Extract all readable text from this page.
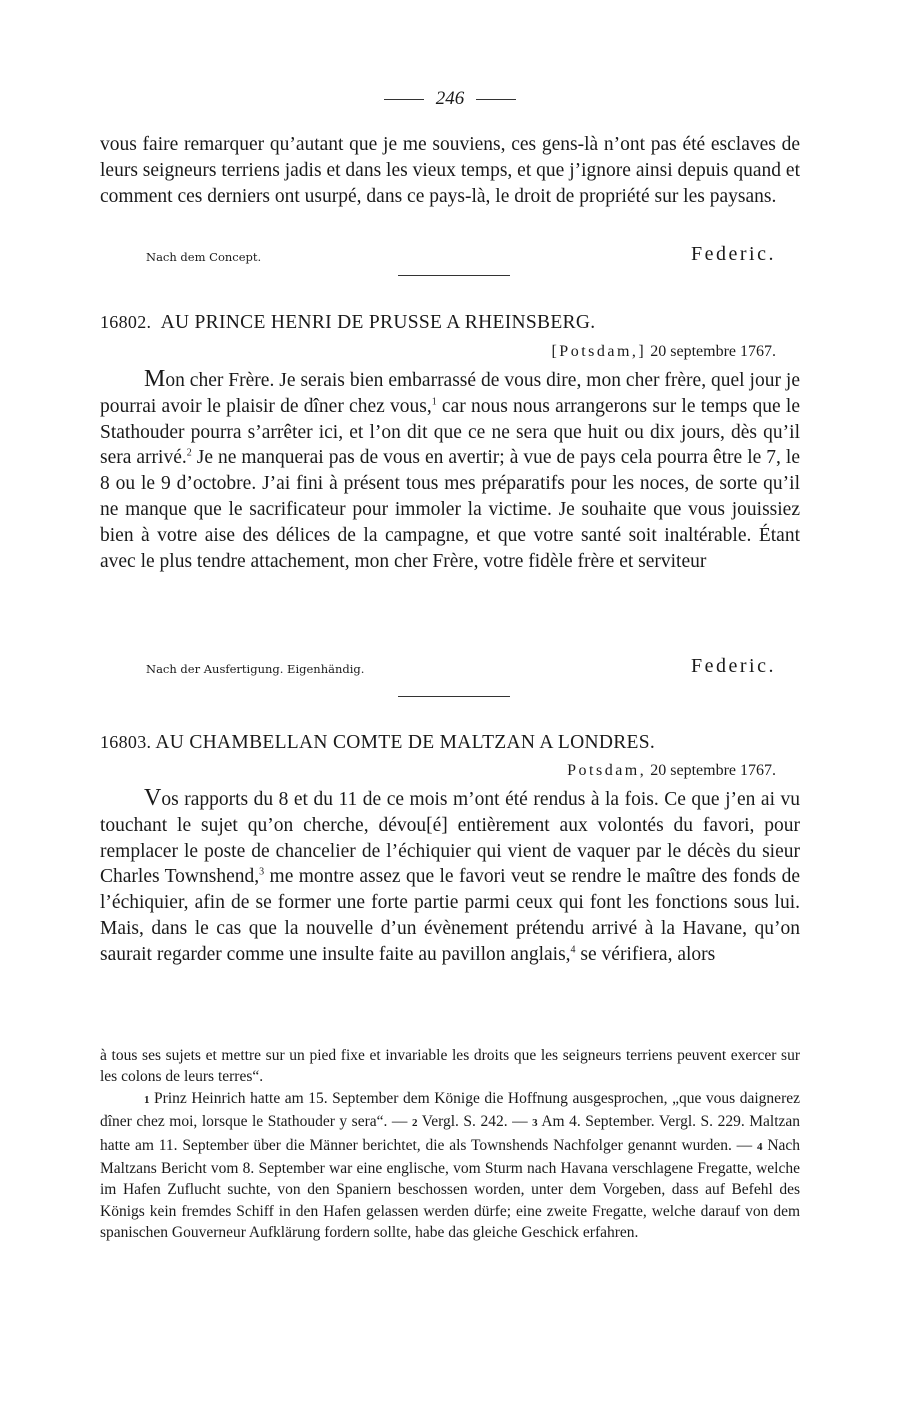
246

vous faire remarquer qu’autant que je me souviens, ces gens-là n’ont pas été esclaves de leurs seigneurs terriens jadis et dans les vieux temps, et que j’ignore ainsi depuis quand et comment ces derniers ont usurpé, dans ce pays-là, le droit de propriété sur les paysans.

Nach dem Concept.	Federic.
16802. AU PRINCE HENRI DE PRUSSE A RHEINSBERG.
[Potsdam,] 20 septembre 1767.

Mon cher Frère. Je serais bien embarrassé de vous dire, mon cher frère, quel jour je pourrai avoir le plaisir de dîner chez vous,$^1$ car nous nous arrangerons sur le temps que le Stathouder pourra s’arrêter ici, et l’on dit que ce ne sera que huit ou dix jours, dès qu’il sera arrivé.$^2$ Je ne manquerai pas de vous en avertir; à vue de pays cela pourra être le 7, le 8 ou le 9 d’octobre. J’ai fini à présent tous mes préparatifs pour les noces, de sorte qu’il ne manque que le sacrificateur pour immoler la victime. Je souhaite que vous jouissiez bien à votre aise des délices de la campagne, et que votre santé soit inaltérable. Étant avec le plus tendre attachement, mon cher Frère, votre fidèle frère et serviteur

Nach der Ausfertigung. Eigenhändig.	Federic.
16803. AU CHAMBELLAN COMTE DE MALTZAN A LONDRES.
Potsdam, 20 septembre 1767.

Vos rapports du 8 et du 11 de ce mois m’ont été rendus à la fois. Ce que j’en ai vu touchant le sujet qu’on cherche, dévou[é] entièrement aux volontés du favori, pour remplacer le poste de chancelier de l’échiquier qui vient de vaquer par le décès du sieur Charles Townshend,$^3$ me montre assez que le favori veut se rendre le maître des fonds de l’échiquier, afin de se former une forte partie parmi ceux qui font les fonctions sous lui. Mais, dans le cas que la nouvelle d’un évènement prétendu arrivé à la Havane, qu’on saurait regarder comme une insulte faite au pavillon anglais,$^4$ se vérifiera, alors

à tous ses sujets et mettre sur un pied fixe et invariable les droits que les seigneurs terriens peuvent exercer sur les colons de leurs terres“.

1 Prinz Heinrich hatte am 15. September dem Könige die Hoffnung ausgesprochen, „que vous daignerez dîner chez moi, lorsque le Stathouder y sera“. — 2 Vergl. S. 242. — 3 Am 4. September. Vergl. S. 229. Maltzan hatte am 11. September über die Männer berichtet, die als Townshends Nachfolger genannt wurden. — 4 Nach Maltzans Bericht vom 8. September war eine englische, vom Sturm nach Havana verschlagene Fregatte, welche im Hafen Zuflucht suchte, von den Spaniern beschossen worden, unter dem Vorgeben, dass auf Befehl des Königs kein fremdes Schiff in den Hafen gelassen werden dürfe; eine zweite Fregatte, welche darauf von dem spanischen Gouverneur Aufklärung fordern sollte, habe das gleiche Geschick erfahren.
